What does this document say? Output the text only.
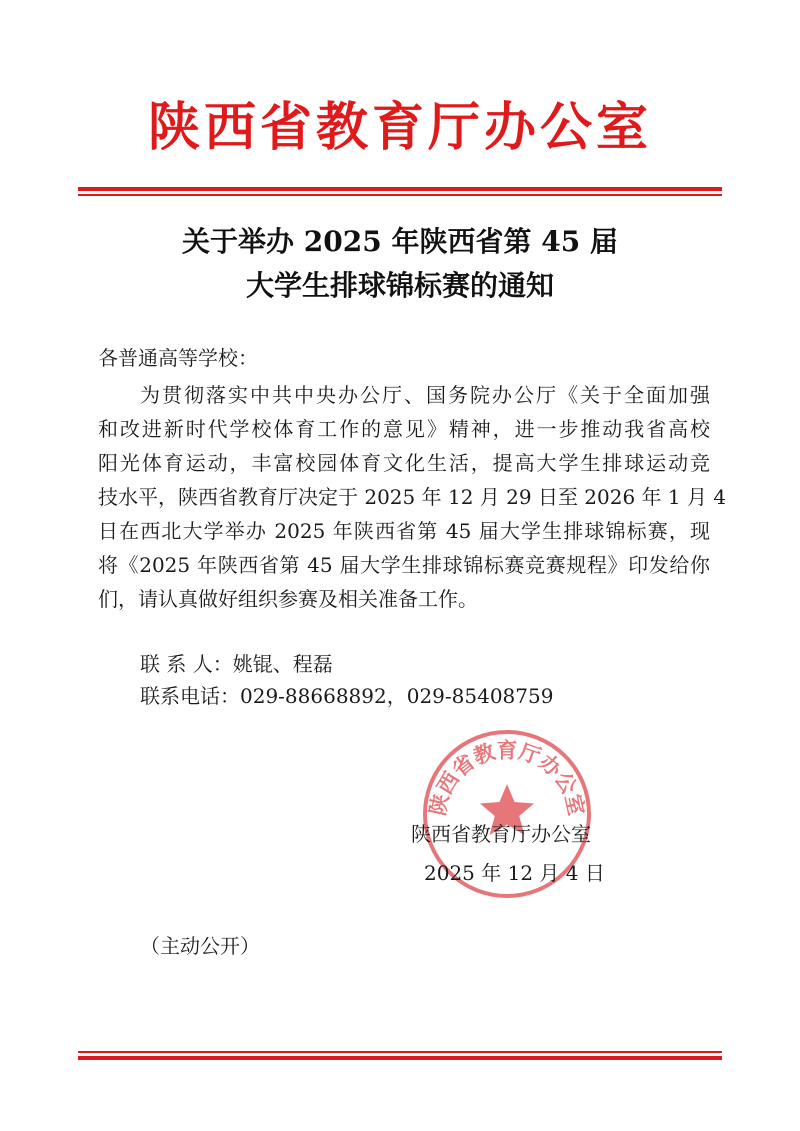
陕西省教育厅办公室
关于举办 2025 年陕西省第 45 届
大学生排球锦标赛的通知
各普通高等学校：
为贯彻落实中共中央办公厅、国务院办公厅《关于全面加强
和改进新时代学校体育工作的意见》精神，进一步推动我省高校
阳光体育运动，丰富校园体育文化生活，提高大学生排球运动竞
技水平，陕西省教育厅决定于 2025 年 12 月 29 日至 2026 年 1 月 4
日在西北大学举办 2025 年陕西省第 45 届大学生排球锦标赛，现
将《2025 年陕西省第 45 届大学生排球锦标赛竞赛规程》印发给你
们，请认真做好组织参赛及相关准备工作。
联 系 人：姚锟、程磊
联系电话：029-88668892，029-85408759
陕西省教育厅办公室
陕西省教育厅办公室
2025 年 12 月 4 日
（主动公开）
